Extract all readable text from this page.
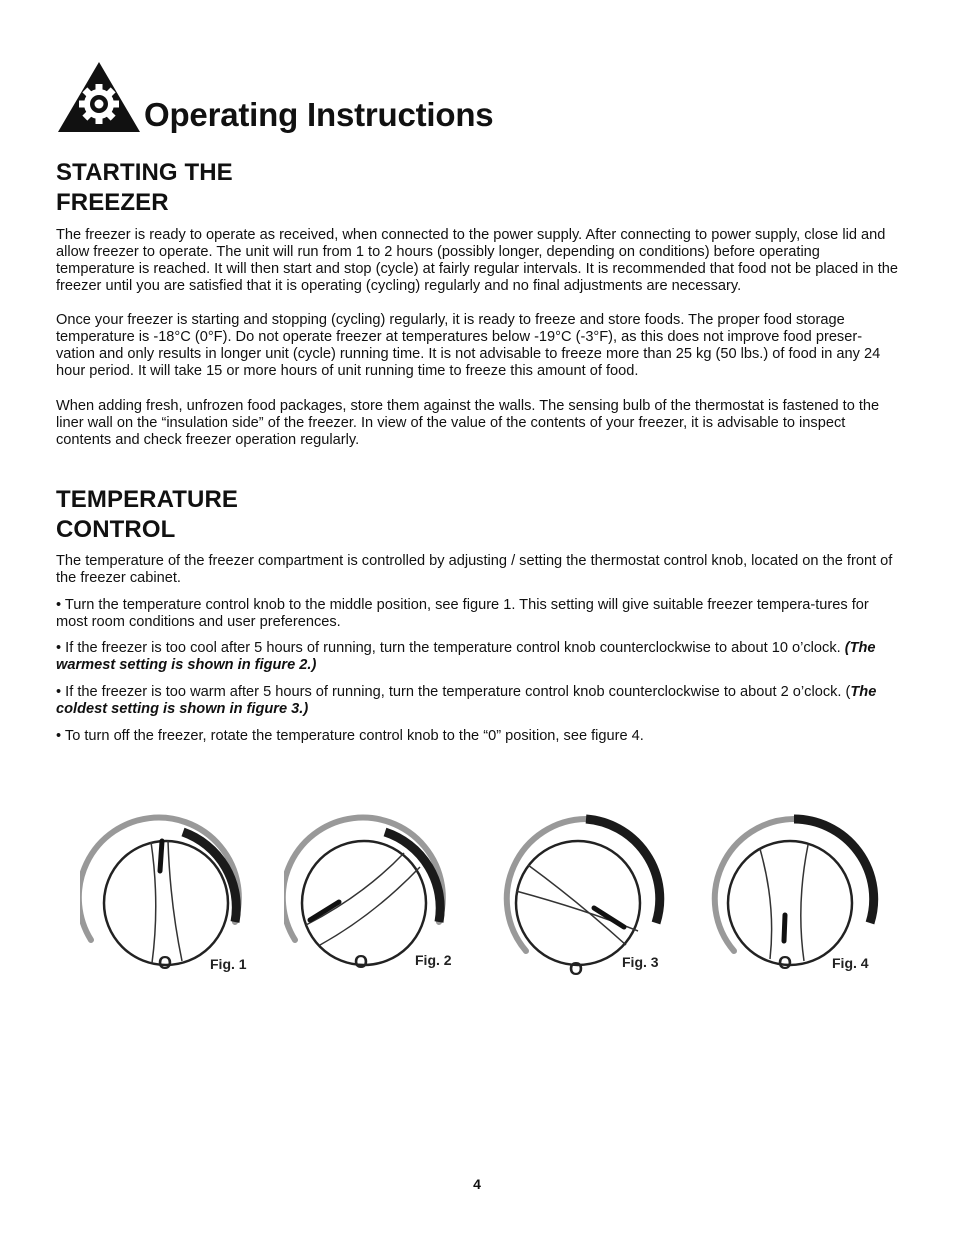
Operating Instructions
STARTING THE
FREEZER

The freezer is ready to operate as received, when connected to the power supply. After connecting to power supply, close lid and allow freezer to operate. The unit will run from 1 to 2 hours (possibly longer, depending on conditions) before operating temperature is reached. It will then start and stop (cycle) at fairly regular intervals. It is recommended that food not be placed in the freezer until you are satisfied that it is operating (cycling) regularly and no final adjustments are necessary.

Once your freezer is starting and stopping (cycling) regularly, it is ready to freeze and store foods. The proper food storage temperature is -18°C (0°F). Do not operate freezer at temperatures below -19°C (-3°F), as this does not improve food preser-vation and only results in longer unit (cycle) running time. It is not advisable to freeze more than 25 kg (50 lbs.) of food in any 24 hour period. It will take 15 or more hours of unit running time to freeze this amount of food.

When adding fresh, unfrozen food packages, store them against the walls. The sensing bulb of the thermostat is fastened to the liner wall on the “insulation side” of the freezer. In view of the value of the contents of your freezer, it is advisable to inspect contents and check freezer operation regularly.

TEMPERATURE
CONTROL

The temperature of the freezer compartment is controlled by adjusting / setting the thermostat control knob, located on the front of the freezer cabinet.

• Turn the temperature control knob to the middle position, see figure 1. This setting will give suitable freezer tempera-tures for most room conditions and user preferences.

• If the freezer is too cool after 5 hours of running, turn the temperature control knob counterclockwise to about 10 o’clock. (The warmest setting is shown in figure 2.)

• If the freezer is too warm after 5 hours of running, turn the temperature control knob counterclockwise to about 2 o’clock. (The coldest setting is shown in figure 3.)

• To turn off the freezer, rotate the temperature control knob to the “0” position, see figure 4.

O	Fig. 1	O	Fig. 2	O	Fig. 3	O	Fig. 4
4
